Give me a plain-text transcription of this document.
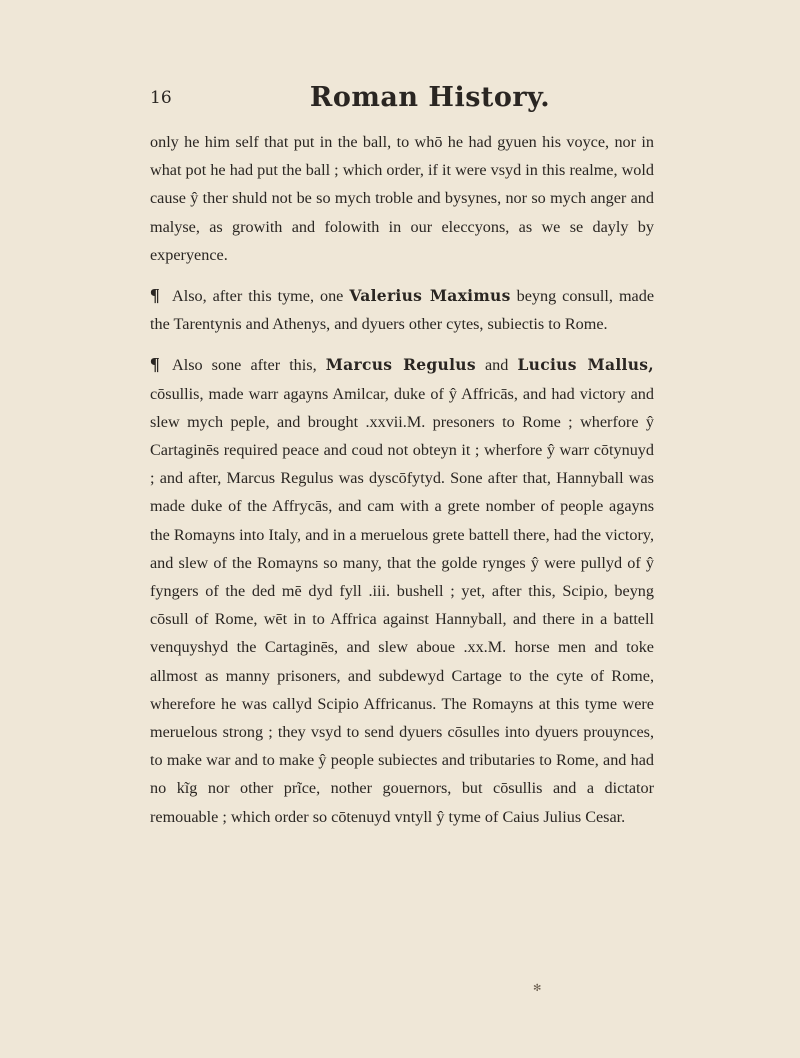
16	Roman History.

only he him self that put in the ball, to whō he had gyuen his voyce, nor in what pot he had put the ball ; which order, if it were vsyd in this realme, wold cause ŷ ther shuld not be so mych troble and bysynes, nor so mych anger and malyse, as growith and folowith in our eleccyons, as we se dayly by experyence.

¶ Also, after this tyme, one Valerius Maximus beyng consull, made the Tarentynis and Athenys, and dyuers other cytes, subiectis to Rome.

¶ Also sone after this, Marcus Regulus and Lucius Mallus, cōsullis, made warr agayns Amilcar, duke of ŷ Affricās, and had victory and slew mych peple, and brought .xxvii.M. presoners to Rome ; wherfore ŷ Cartaginēs required peace and coud not obteyn it ; wherfore ŷ warr cōtynuyd ; and after, Marcus Regulus was dyscōfytyd. Sone after that, Hannyball was made duke of the Affrycās, and cam with a grete nomber of people agayns the Romayns into Italy, and in a meruelous grete battell there, had the victory, and slew of the Romayns so many, that the golde rynges ŷ were pullyd of ŷ fyngers of the ded mē dyd fyll .iii. bushell ; yet, after this, Scipio, beyng cōsull of Rome, wēt in to Affrica against Hannyball, and there in a battell venquyshyd the Cartaginēs, and slew aboue .xx.M. horse men and toke allmost as manny prisoners, and subdewyd Cartage to the cyte of Rome, wherefore he was callyd Scipio Affricanus. The Romayns at this tyme were meruelous strong ; they vsyd to send dyuers cōsulles into dyuers prouynces, to make war and to make ŷ people subiectes and tributaries to Rome, and had no kĩg nor other prĩce, nother gouernors, but cōsullis and a dictator remouable ; which order so cōtenuyd vntyll ŷ tyme of Caius Julius Cesar.

✻
